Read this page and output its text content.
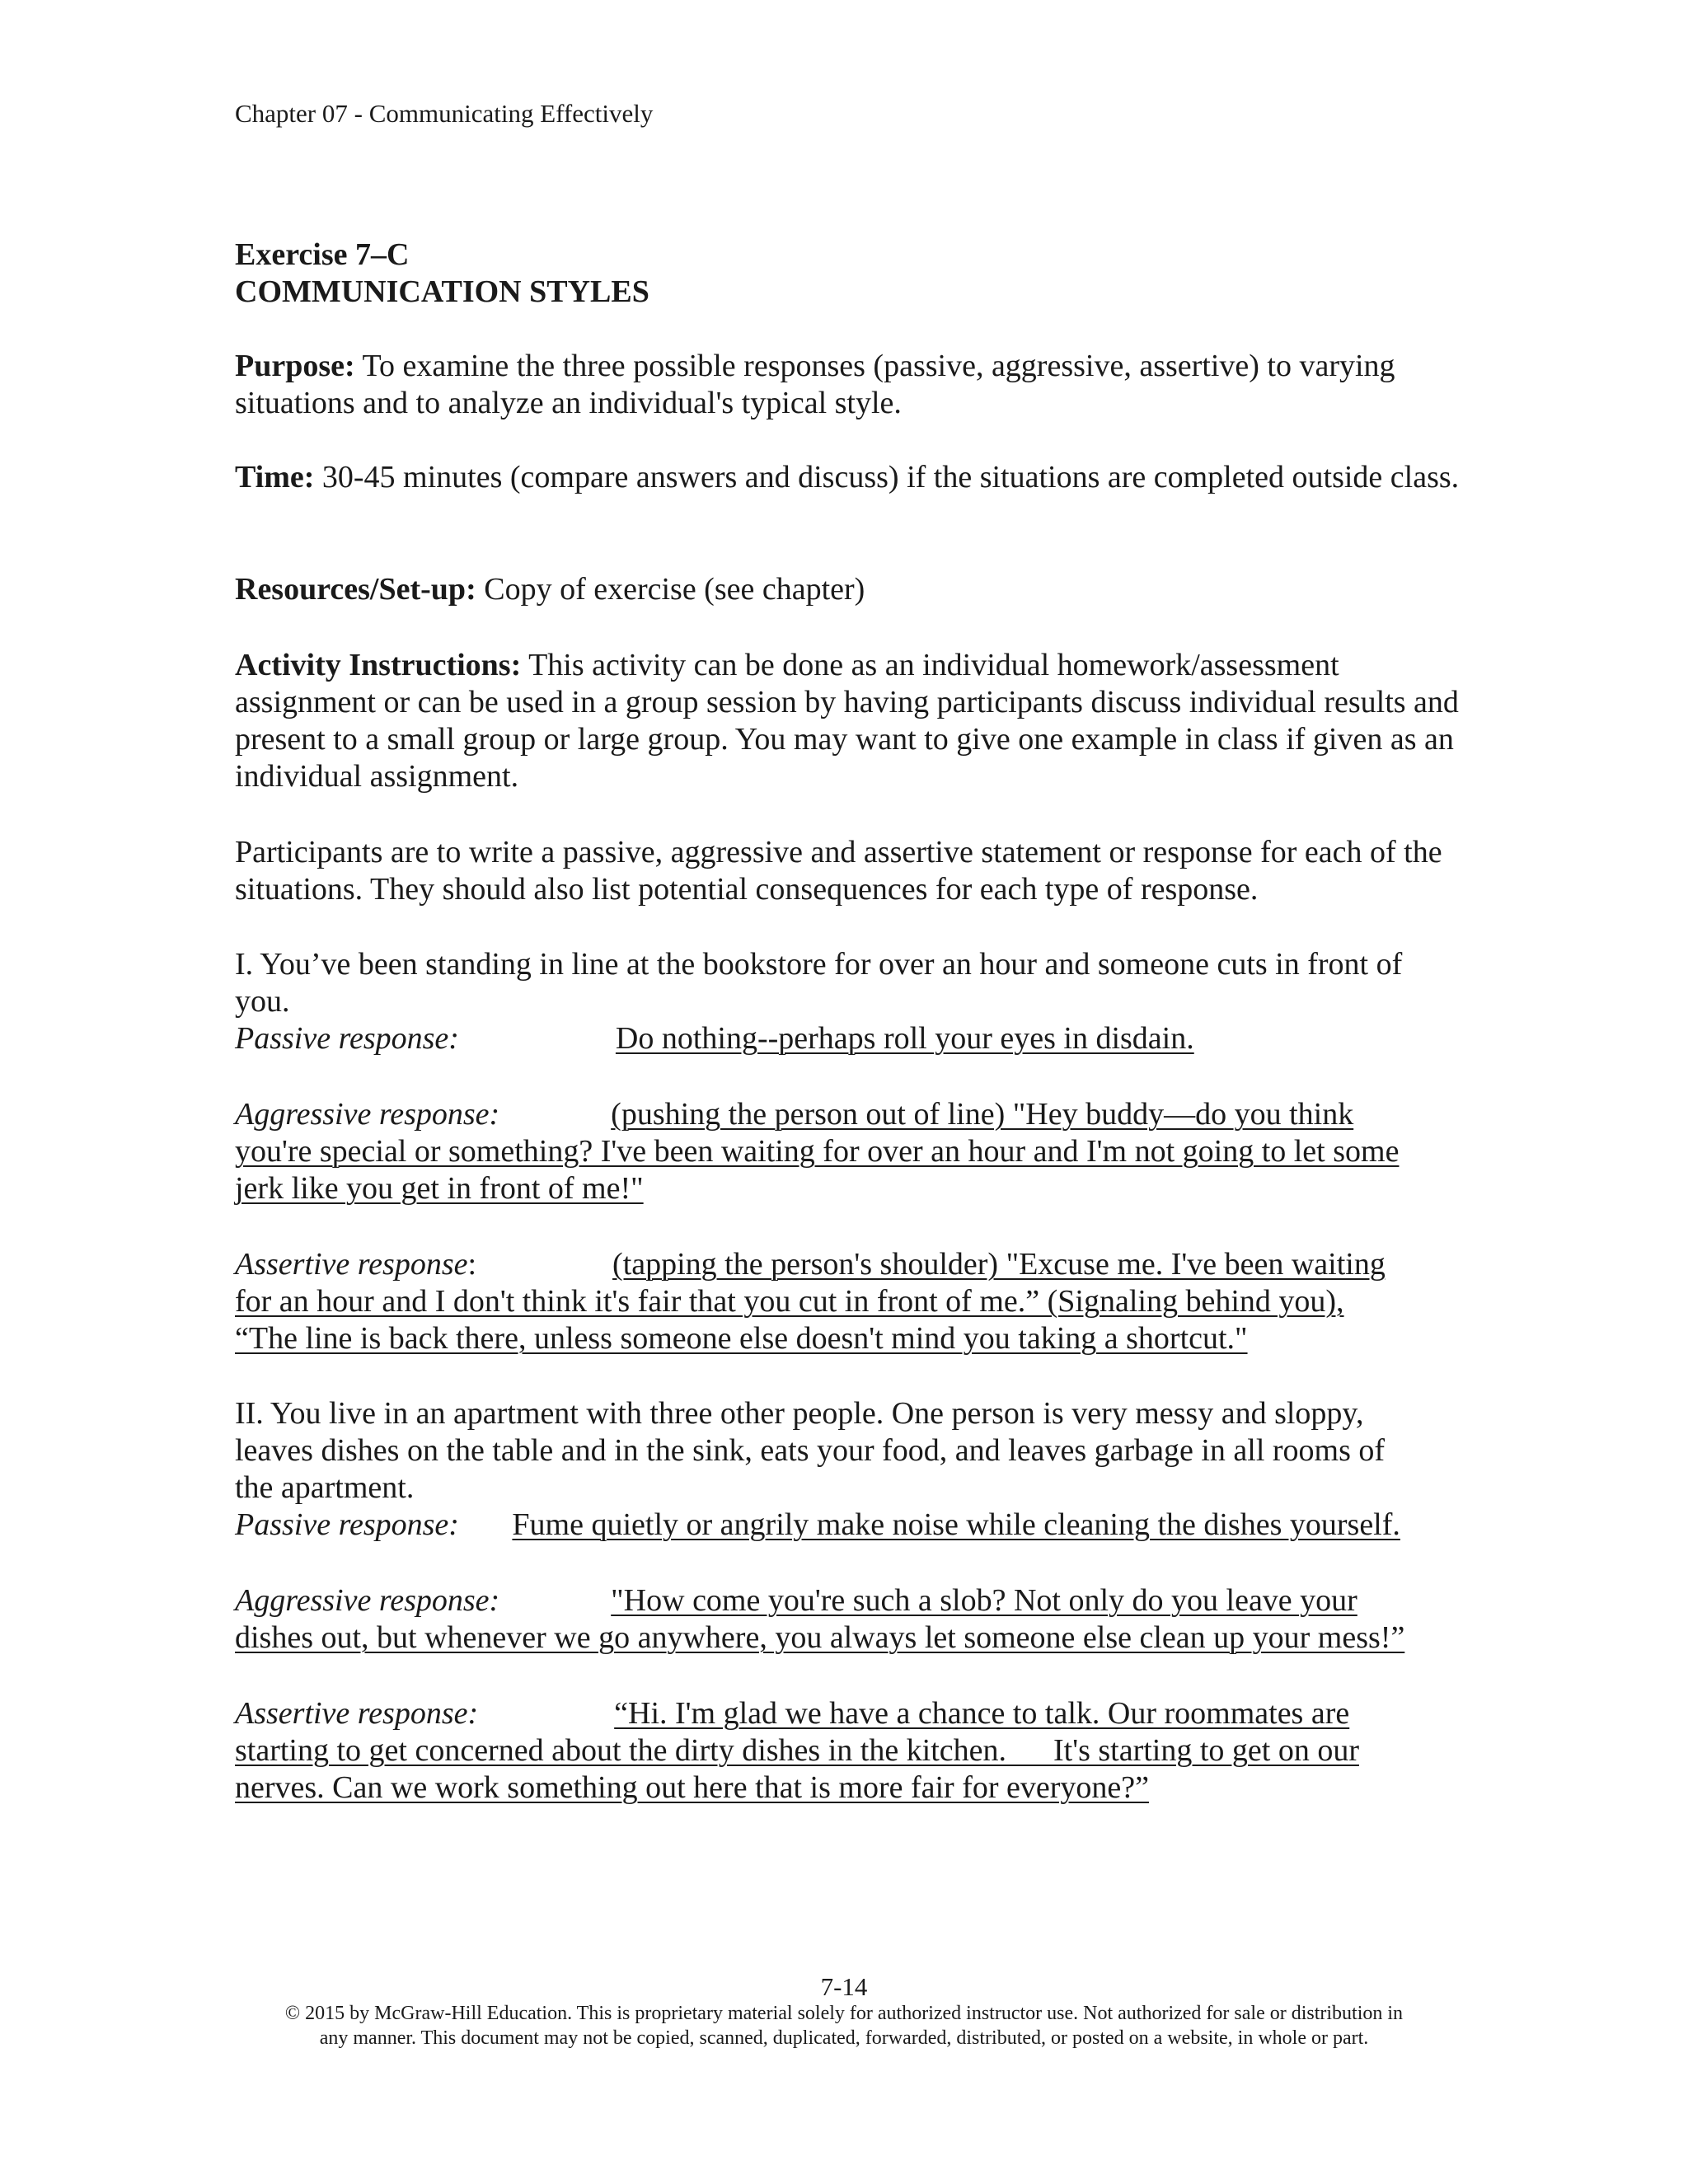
Chapter 07 - Communicating Effectively
Exercise 7–C
COMMUNICATION STYLES
Purpose: To examine the three possible responses (passive, aggressive, assertive) to varying situations and to analyze an individual's typical style.
Time: 30-45 minutes (compare answers and discuss) if the situations are completed outside class.
Resources/Set-up: Copy of exercise (see chapter)
Activity Instructions: This activity can be done as an individual homework/assessment assignment or can be used in a group session by having participants discuss individual results and present to a small group or large group. You may want to give one example in class if given as an individual assignment.
Participants are to write a passive, aggressive and assertive statement or response for each of the situations. They should also list potential consequences for each type of response.
I. You’ve been standing in line at the bookstore for over an hour and someone cuts in front of
you.
Passive response:	Do nothing--perhaps roll your eyes in disdain.
Aggressive response:	(pushing the person out of line) "Hey buddy—do you think
you're special or something? I've been waiting for over an hour and I'm not going to let some
jerk like you get in front of me!"
Assertive response:	(tapping the person's shoulder) "Excuse me. I've been waiting
for an hour and I don't think it's fair that you cut in front of me.” (Signaling behind you),
“The line is back there, unless someone else doesn't mind you taking a shortcut."
II. You live in an apartment with three other people. One person is very messy and sloppy,
leaves dishes on the table and in the sink, eats your food, and leaves garbage in all rooms of
the apartment.
Passive response: Fume quietly or angrily make noise while cleaning the dishes yourself.
Aggressive response:	"How come you're such a slob? Not only do you leave your
dishes out, but whenever we go anywhere, you always let someone else clean up your mess!”
Assertive response:	“Hi. I'm glad we have a chance to talk. Our roommates are
starting to get concerned about the dirty dishes in the kitchen.      It's starting to get on our
nerves. Can we work something out here that is more fair for everyone?”
7-14
© 2015 by McGraw-Hill Education. This is proprietary material solely for authorized instructor use. Not authorized for sale or distribution in
any manner. This document may not be copied, scanned, duplicated, forwarded, distributed, or posted on a website, in whole or part.
